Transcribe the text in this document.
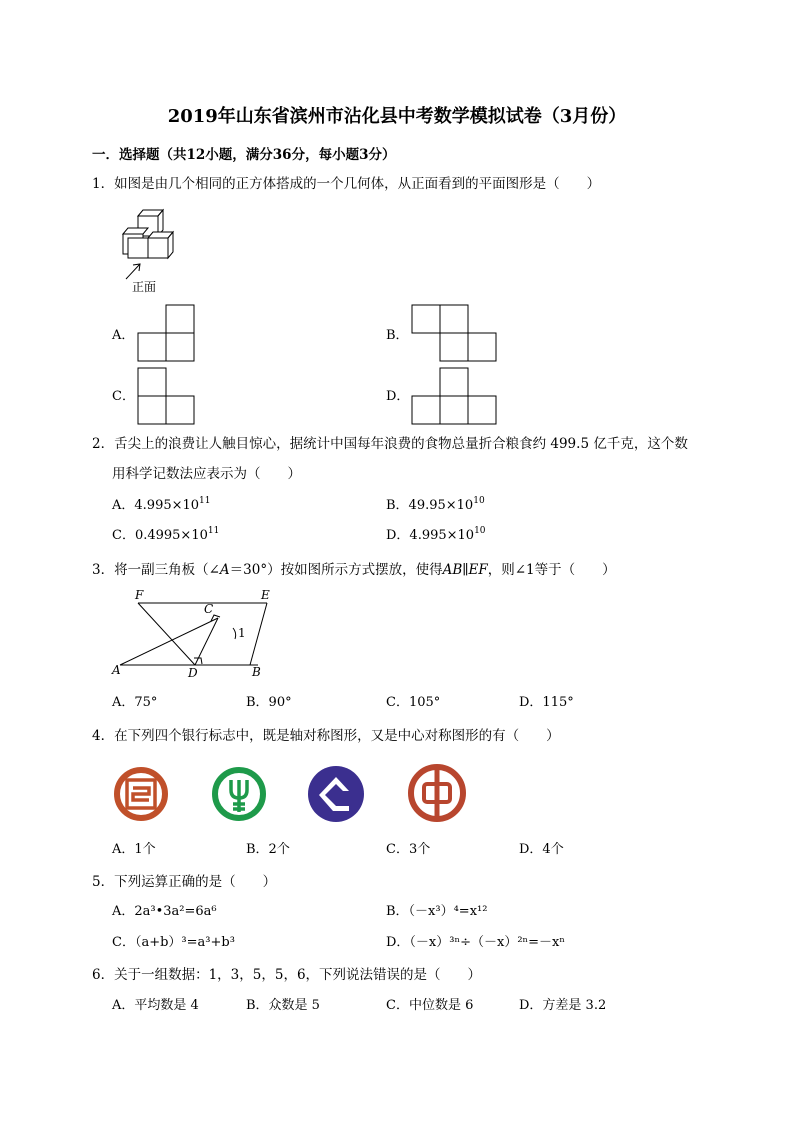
2019年山东省滨州市沾化县中考数学模拟试卷（3月份）
一．选择题（共12小题，满分36分，每小题3分）
1．如图是由几个相同的正方体搭成的一个几何体，从正面看到的平面图形是（　　）
正面
A．	B．
C．	D．
2．舌尖上的浪费让人触目惊心，据统计中国每年浪费的食物总量折合粮食约 499.5 亿千克，这个数
用科学记数法应表示为（　　）
A．$4.995\times 10^{11}$	B．$49.95\times 10^{10}$
C．$0.4995\times 10^{11}$	D．$4.995\times 10^{10}$
3．将一副三角板（∠A＝30°）按如图所示方式摆放，使得AB∥EF，则∠1等于（　　）
F
C
E
A	D	B
1
A．75°	B．90°	C．105°	D．115°
4．在下列四个银行标志中，既是轴对称图形，又是中心对称图形的有（　　）
A．1个	B．2个	C．3个	D．4个
5．下列运算正确的是（　　）
A．2a³•3a²=6a⁶	B．（－x³）⁴=x¹²
C．（a+b）³=a³+b³	D．（－x）³ⁿ÷（－x）²ⁿ=－xⁿ
6．关于一组数据：1，3，5，5，6，下列说法错误的是（　　）
A．平均数是 4	B．众数是 5	C．中位数是 6	D．方差是 3.2
